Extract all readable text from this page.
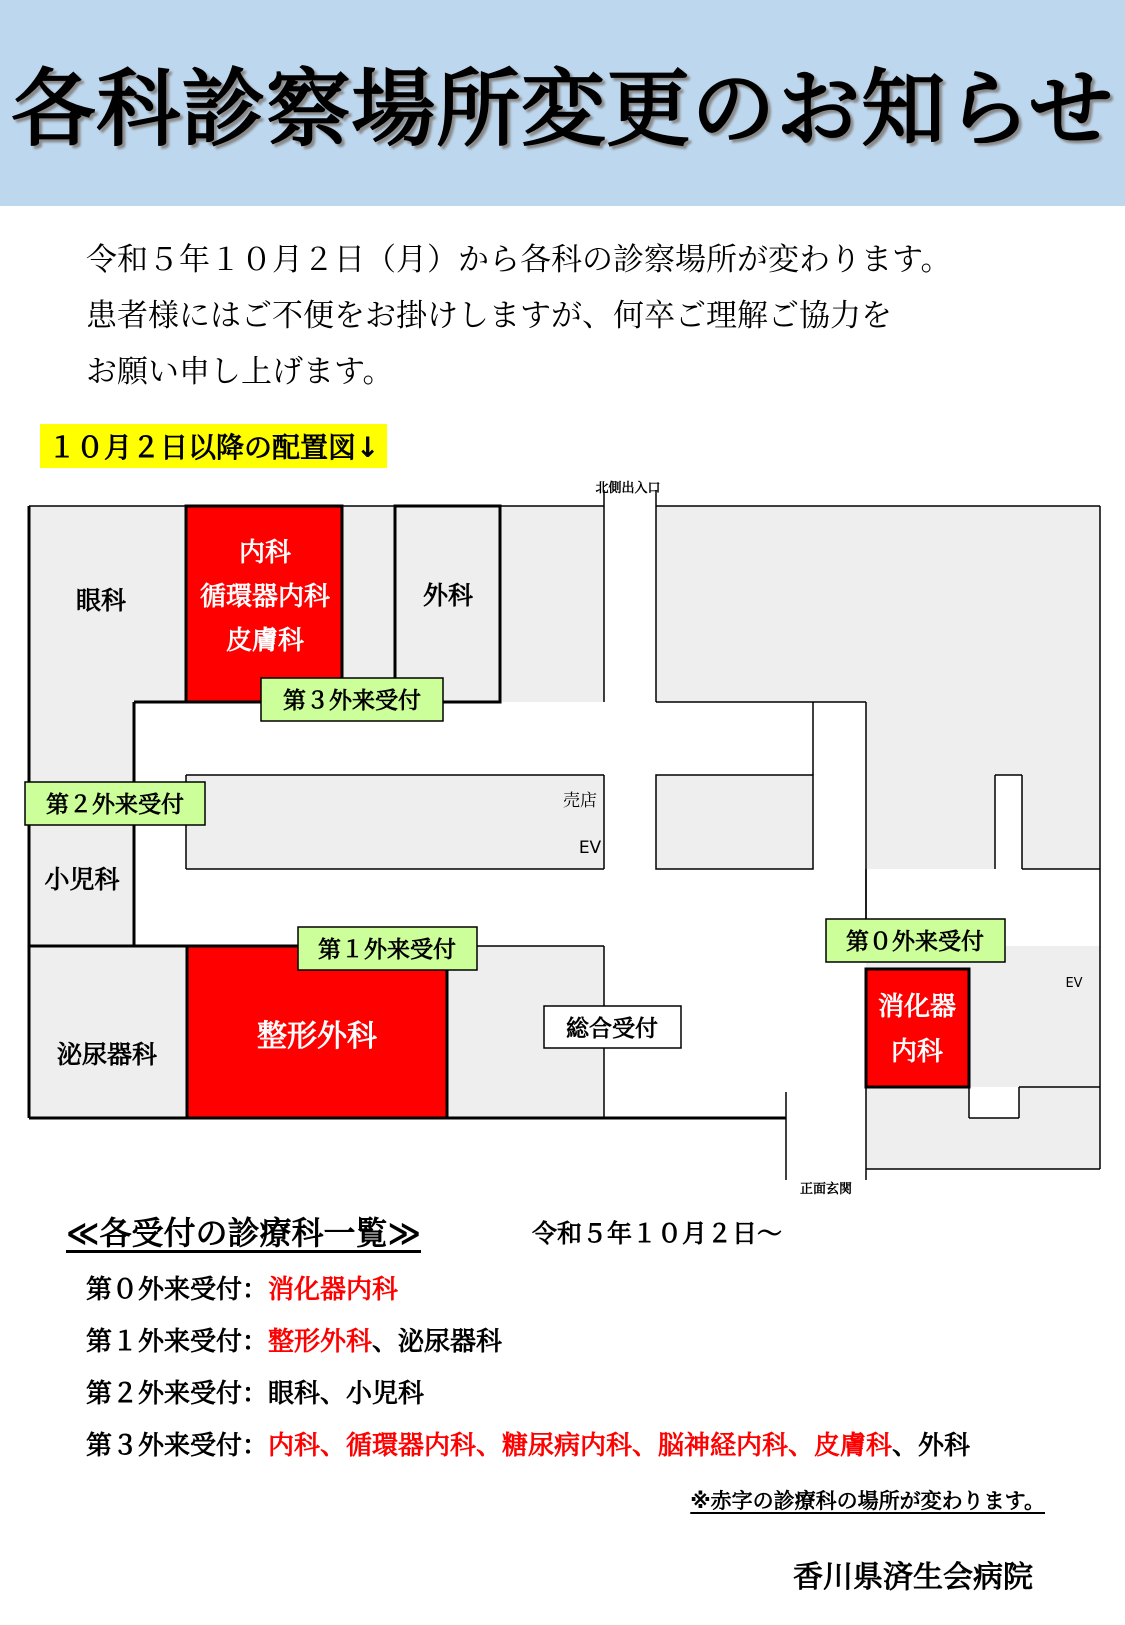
各科診察場所変更のお知らせ
令和５年１０月２日（月）から各科の診察場所が変わります。
患者様にはご不便をお掛けしますが、何卒ご理解ご協力を
お願い申し上げます。
１０月２日以降の配置図↓
北側出入口
正面玄関
眼科
内科
循環器内科
皮膚科
外科
第３外来受付
第２外来受付
小児科
売店
EV
第１外来受付
泌尿器科
整形外科	総合受付
第０外来受付
消化器
内科
EV
≪各受付の診療科一覧≫	令和５年１０月２日～
第０外来受付：消化器内科
第１外来受付：整形外科、泌尿器科
第２外来受付：眼科、小児科
第３外来受付：内科、循環器内科、糖尿病内科、脳神経内科、皮膚科、外科
※赤字の診療科の場所が変わります。
香川県済生会病院
